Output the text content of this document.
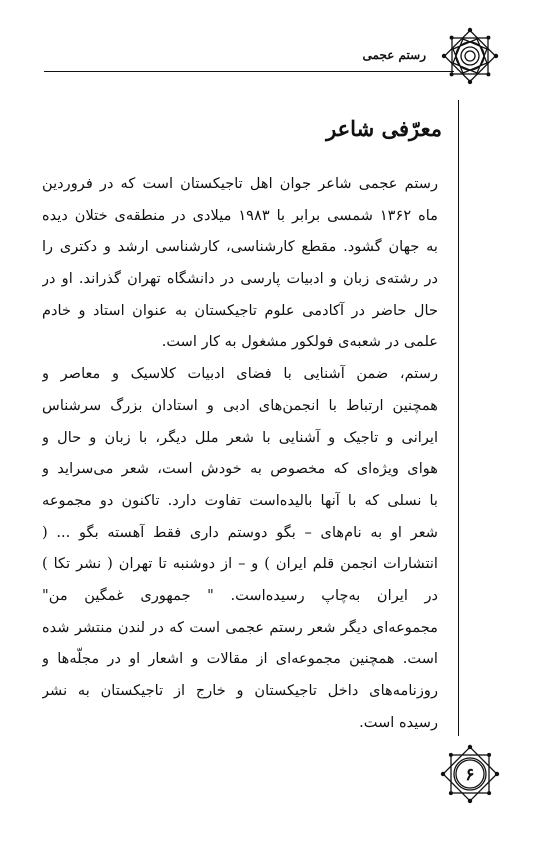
رستم عجمی
معرّفی شاعر
رستم عجمی شاعر جوان اهل تاجیکستان است که در فروردین
ماه ۱۳۶۲ شمسی برابر با ۱۹۸۳ میلادی در منطقه‌ی ختلان دیده
به جهان گشود. مقطع کارشناسی، کارشناسی ارشد و دکتری را
در رشته‌ی زبان و ادبیات پارسی در دانشگاه تهران گذراند. او در
حال حاضر در آکادمی علوم تاجیکستان به عنوان استاد و خادم
علمی در شعبه‌ی فولکور مشغول به کار است.
رستم، ضمن آشنایی با فضای ادبیات کلاسیک و معاصر و
همچنین ارتباط با انجمن‌های ادبی و استادان بزرگ سرشناس
ایرانی و تاجیک و آشنایی با شعر ملل دیگر، با زبان و حال و
هوای ویژه‌ای که مخصوص به خودش است، شعر می‌سراید و
با نسلی که با آنها بالیده‌است تفاوت دارد. تاکنون دو مجموعه
شعر او به نام‌های – بگو دوستم داری فقط آهسته بگو ... (
انتشارات انجمن قلم ایران ) و – از دوشنبه تا تهران ( نشر تکا )
در ایران به‌چاپ رسیده‌است. " جمهوری غمگین من"
مجموعه‌ای دیگر شعر رستم عجمی است که در لندن منتشر شده
است. همچنین مجموعه‌ای از مقالات و اشعار او در مجلّه‌ها و
روزنامه‌های داخل تاجیکستان و خارج از تاجیکستان به نشر
رسیده است.
۶
